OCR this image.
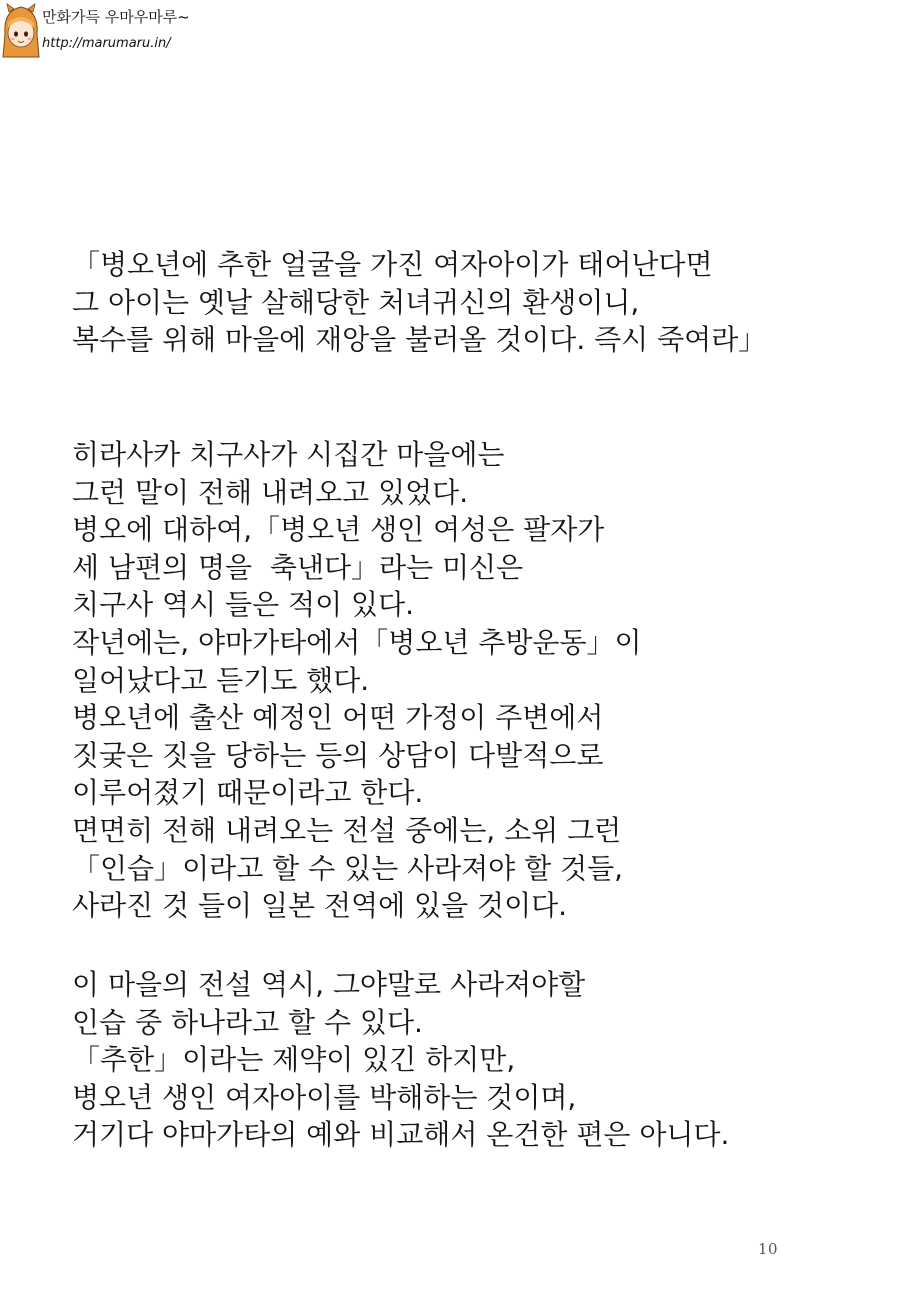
만화가득 우마우마루~
http://marumaru.in/
「병오년에 추한 얼굴을 가진 여자아이가 태어난다면
그 아이는 옛날 살해당한 처녀귀신의 환생이니,
복수를 위해 마을에 재앙을 불러올 것이다. 즉시 죽여라」
히라사카 치구사가 시집간 마을에는
그런 말이 전해 내려오고 있었다.
병오에 대하여,「병오년 생인 여성은 팔자가
세 남편의 명을  축낸다」라는 미신은
치구사 역시 들은 적이 있다.
작년에는, 야마가타에서「병오년 추방운동」이
일어났다고 듣기도 했다.
병오년에 출산 예정인 어떤 가정이 주변에서
짓궂은 짓을 당하는 등의 상담이 다발적으로
이루어졌기 때문이라고 한다.
면면히 전해 내려오는 전설 중에는, 소위 그런
「인습」이라고 할 수 있는 사라져야 할 것들,
사라진 것 들이 일본 전역에 있을 것이다.
이 마을의 전설 역시, 그야말로 사라져야할
인습 중 하나라고 할 수 있다.
「추한」이라는 제약이 있긴 하지만,
병오년 생인 여자아이를 박해하는 것이며,
거기다 야마가타의 예와 비교해서 온건한 편은 아니다.
10
